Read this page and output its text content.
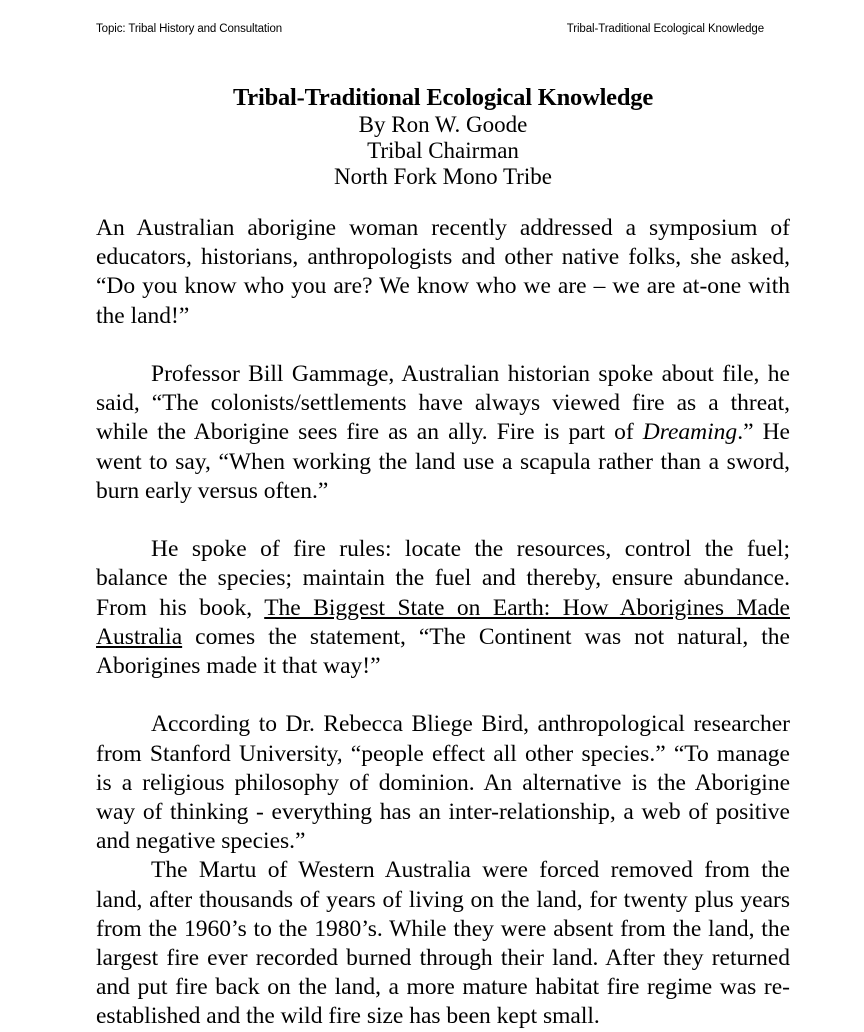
Topic: Tribal History and Consultation	Tribal-Traditional Ecological Knowledge
Tribal-Traditional Ecological Knowledge
By Ron W. Goode
Tribal Chairman
North Fork Mono Tribe

An Australian aborigine woman recently addressed a symposium of educators, historians, anthropologists and other native folks, she asked, “Do you know who you are? We know who we are – we are at-one with the land!”

Professor Bill Gammage, Australian historian spoke about file, he said, “The colonists/settlements have always viewed fire as a threat, while the Aborigine sees fire as an ally. Fire is part of Dreaming.” He went to say, “When working the land use a scapula rather than a sword, burn early versus often.”

He spoke of fire rules: locate the resources, control the fuel; balance the species; maintain the fuel and thereby, ensure abundance. From his book, The Biggest State on Earth: How Aborigines Made Australia comes the statement, “The Continent was not natural, the Aborigines made it that way!”

According to Dr. Rebecca Bliege Bird, anthropological researcher from Stanford University, “people effect all other species.” “To manage is a religious philosophy of dominion. An alternative is the Aborigine way of thinking - everything has an inter-relationship, a web of positive and negative species.”

The Martu of Western Australia were forced removed from the land, after thousands of years of living on the land, for twenty plus years from the 1960’s to the 1980’s. While they were absent from the land, the largest fire ever recorded burned through their land. After they returned and put fire back on the land, a more mature habitat fire regime was re-established and the wild fire size has been kept small.
